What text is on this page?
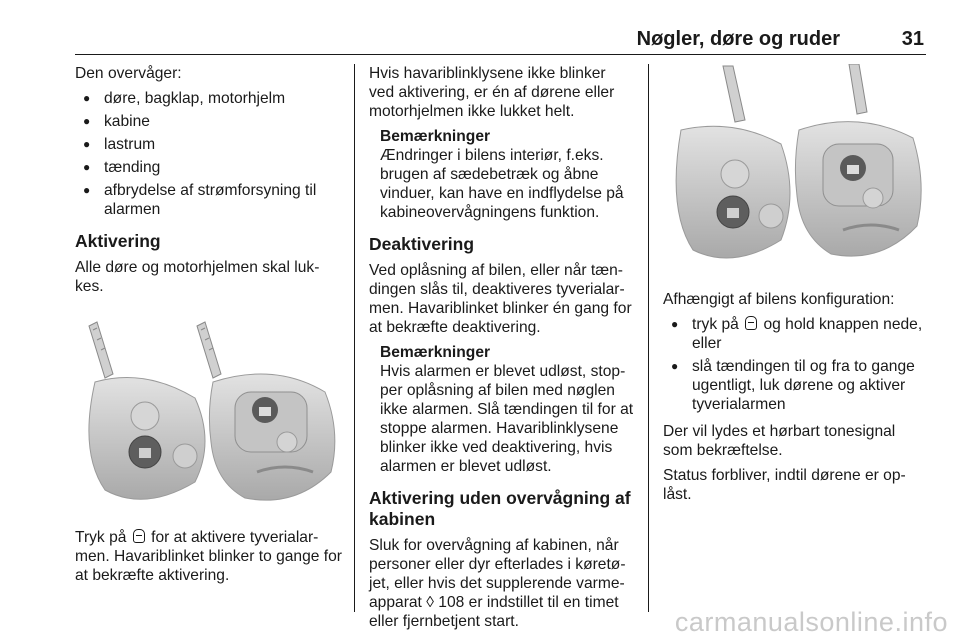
Nøgler, døre og ruder	31

Den overvåger:

● døre, bagklap, motorhjelm
● kabine
● lastrum
● tænding
● afbrydelse af strømforsyning til alarmen
Aktivering

Alle døre og motorhjelmen skal luk-kes.

Tryk på for at aktivere tyverialar-men. Havariblinket blinker to gange for at bekræfte aktivering.

Hvis havariblinklysene ikke blinker ved aktivering, er én af dørene eller motorhjelmen ikke lukket helt.

Bemærkninger
Ændringer i bilens interiør, f.eks. brugen af sædebetræk og åbne vinduer, kan have en indflydelse på kabineovervågningens funktion.
Deaktivering

Ved oplåsning af bilen, eller når tæn-dingen slås til, deaktiveres tyverialar-men. Havariblinket blinker én gang for at bekræfte deaktivering.

Bemærkninger
Hvis alarmen er blevet udløst, stop-per oplåsning af bilen med nøglen ikke alarmen. Slå tændingen til for at stoppe alarmen. Havariblinklysene blinker ikke ved deaktivering, hvis alarmen er blevet udløst.
Aktivering uden overvågning af kabinen

Sluk for overvågning af kabinen, når personer eller dyr efterlades i køretø-jet, eller hvis det supplerende varme-apparat ◊ 108 er indstillet til en timet eller fjernbetjent start.

Afhængigt af bilens konfiguration:

● tryk på og hold knappen nede, eller
● slå tændingen til og fra to gange ugentligt, luk dørene og aktiver tyverialarmen

Der vil lydes et hørbart tonesignal som bekræftelse.

Status forbliver, indtil dørene er op-låst.

carmanualsonline.info
